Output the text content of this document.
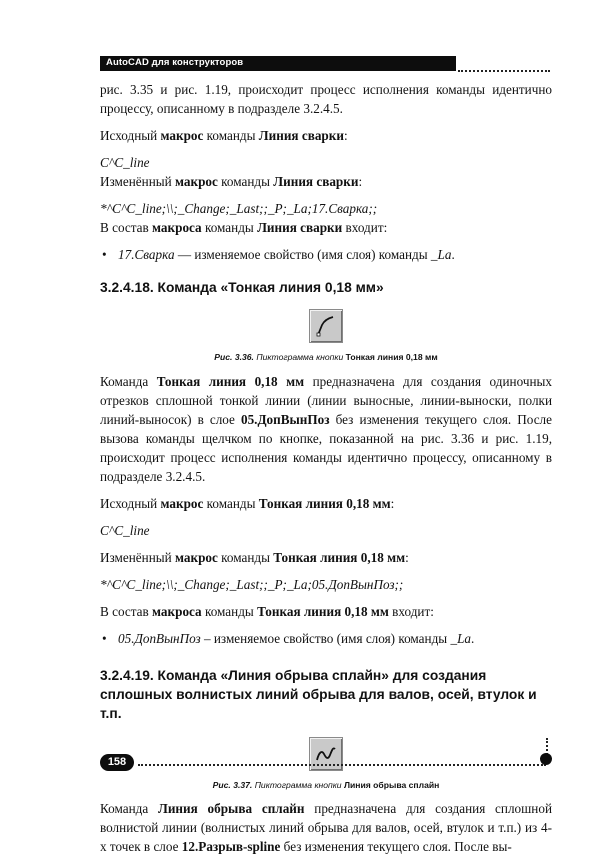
AutoCAD для конструкторов

рис. 3.35 и рис. 1.19, происходит процесс исполнения команды идентично процессу, описанному в подразделе 3.2.4.5.

Исходный макрос команды Линия сварки:

C^C_line

Изменённый макрос команды Линия сварки:

*^C^C_line;\\;_Change;_Last;;_P;_La;17.Сварка;;

В состав макроса команды Линия сварки входит:

• 17.Сварка — изменяемое свойство (имя слоя) команды _La.

3.2.4.18. Команда «Тонкая линия 0,18 мм»

Рис. 3.36. Пиктограмма кнопки Тонкая линия 0,18 мм

Команда Тонкая линия 0,18 мм предназначена для создания одиночных отрезков сплошной тонкой линии (линии выносные, линии-выноски, полки линий-выносок) в слое 05.ДопВынПоз без изменения текущего слоя. После вызова команды щелчком по кнопке, показанной на рис. 3.36 и рис. 1.19, происходит процесс исполнения команды идентично процессу, описанному в подразделе 3.2.4.5.

Исходный макрос команды Тонкая линия 0,18 мм:

C^C_line

Изменённый макрос команды Тонкая линия 0,18 мм:

*^C^C_line;\\;_Change;_Last;;_P;_La;05.ДопВынПоз;;

В состав макроса команды Тонкая линия 0,18 мм входит:

• 05.ДопВынПоз – изменяемое свойство (имя слоя) команды _La.

3.2.4.19. Команда «Линия обрыва сплайн» для создания сплошных волнистых линий обрыва для валов, осей, втулок и т.п.

Рис. 3.37. Пиктограмма кнопки Линия обрыва сплайн

Команда Линия обрыва сплайн предназначена для создания сплошной волнистой линии (волнистых линий обрыва для валов, осей, втулок и т.п.) из 4-х точек в слое 12.Разрыв-spline без изменения текущего слоя. После вы-

158
